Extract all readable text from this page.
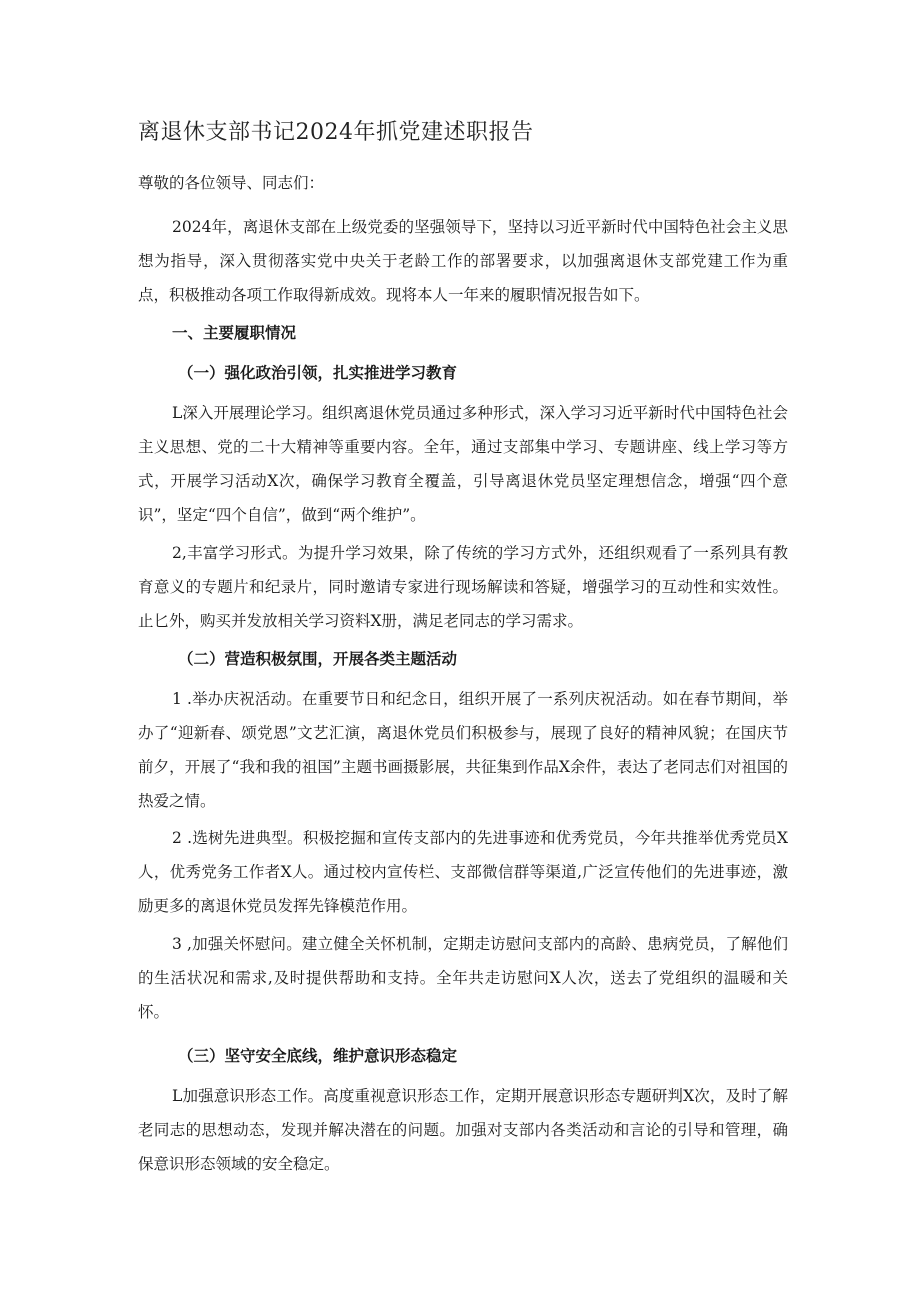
离退休支部书记2024年抓党建述职报告
尊敬的各位领导、同志们：

2024年，离退休支部在上级党委的坚强领导下，坚持以习近平新时代中国特色社会主义思想为指导，深入贯彻落实党中央关于老龄工作的部署要求，以加强离退休支部党建工作为重点，积极推动各项工作取得新成效。现将本人一年来的履职情况报告如下。

一、主要履职情况
（一）强化政治引领，扎实推进学习教育

L深入开展理论学习。组织离退休党员通过多种形式，深入学习习近平新时代中国特色社会主义思想、党的二十大精神等重要内容。全年，通过支部集中学习、专题讲座、线上学习等方式，开展学习活动X次，确保学习教育全覆盖，引导离退休党员坚定理想信念，增强“四个意识”，坚定“四个自信”，做到“两个维护”。

2,丰富学习形式。为提升学习效果，除了传统的学习方式外，还组织观看了一系列具有教育意义的专题片和纪录片，同时邀请专家进行现场解读和答疑，增强学习的互动性和实效性。止匕外，购买并发放相关学习资料X册，满足老同志的学习需求。

（二）营造积极氛围，开展各类主题活动

1 .举办庆祝活动。在重要节日和纪念日，组织开展了一系列庆祝活动。如在春节期间，举办了“迎新春、颂党恩”文艺汇演，离退休党员们积极参与，展现了良好的精神风貌；在国庆节前夕，开展了“我和我的祖国”主题书画摄影展，共征集到作品X余件，表达了老同志们对祖国的热爱之情。

2 .选树先进典型。积极挖掘和宣传支部内的先进事迹和优秀党员，今年共推举优秀党员X人，优秀党务工作者X人。通过校内宣传栏、支部微信群等渠道,广泛宣传他们的先进事迹，激励更多的离退休党员发挥先锋模范作用。

3 ,加强关怀慰问。建立健全关怀机制，定期走访慰问支部内的高龄、患病党员，了解他们的生活状况和需求,及时提供帮助和支持。全年共走访慰问X人次，送去了党组织的温暖和关怀。

（三）坚守安全底线，维护意识形态稳定

L加强意识形态工作。高度重视意识形态工作，定期开展意识形态专题研判X次，及时了解老同志的思想动态，发现并解决潜在的问题。加强对支部内各类活动和言论的引导和管理，确保意识形态领域的安全稳定。
